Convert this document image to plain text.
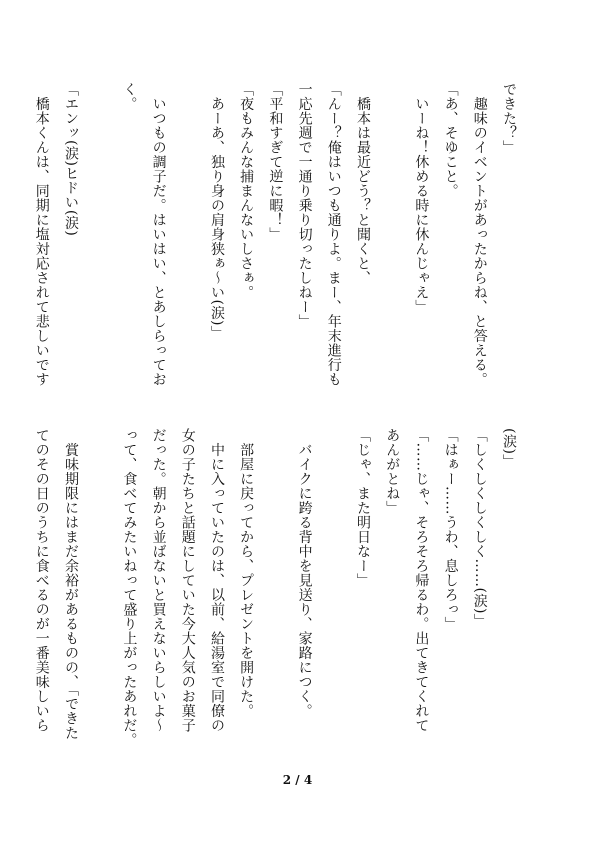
できた？」
　趣味のイベントがあったからね、と答える。
「あ、そゆこと。
　いーね！休める時に休んじゃえ」

　橋本は最近どう？と聞くと、
「んー？俺はいつも通りよ。まー、年末進行も
一応先週で一通り乗り切ったしねー」
「平和すぎて逆に暇！」
「夜もみんな捕まんないしさぁ。
　あーあ、独り身の肩身狭ぁ〜い(涙)」

　いつもの調子だ。はいはい、とあしらってお
く。

「エンッ(涙)ヒドい(涙)
　橋本くんは、同期に塩対応されて悲しいです
(涙)」
「しくしくしくしく……(涙)」
「はぁー……うわ、息しろっ」
「……じゃ、そろそろ帰るわ。出てきてくれて
あんがとね」
「じゃ、また明日なー」

　バイクに跨る背中を見送り、家路につく。

　部屋に戻ってから、プレゼントを開けた。
　中に入っていたのは、以前、給湯室で同僚の
女の子たちと話題にしていた今大人気のお菓子
だった。朝から並ばないと買えないらしいよ〜
って、食べてみたいねって盛り上がったあれだ。

　賞味期限にはまだ余裕があるものの、「できた
てのその日のうちに食べるのが一番美味しいら
2 / 4
